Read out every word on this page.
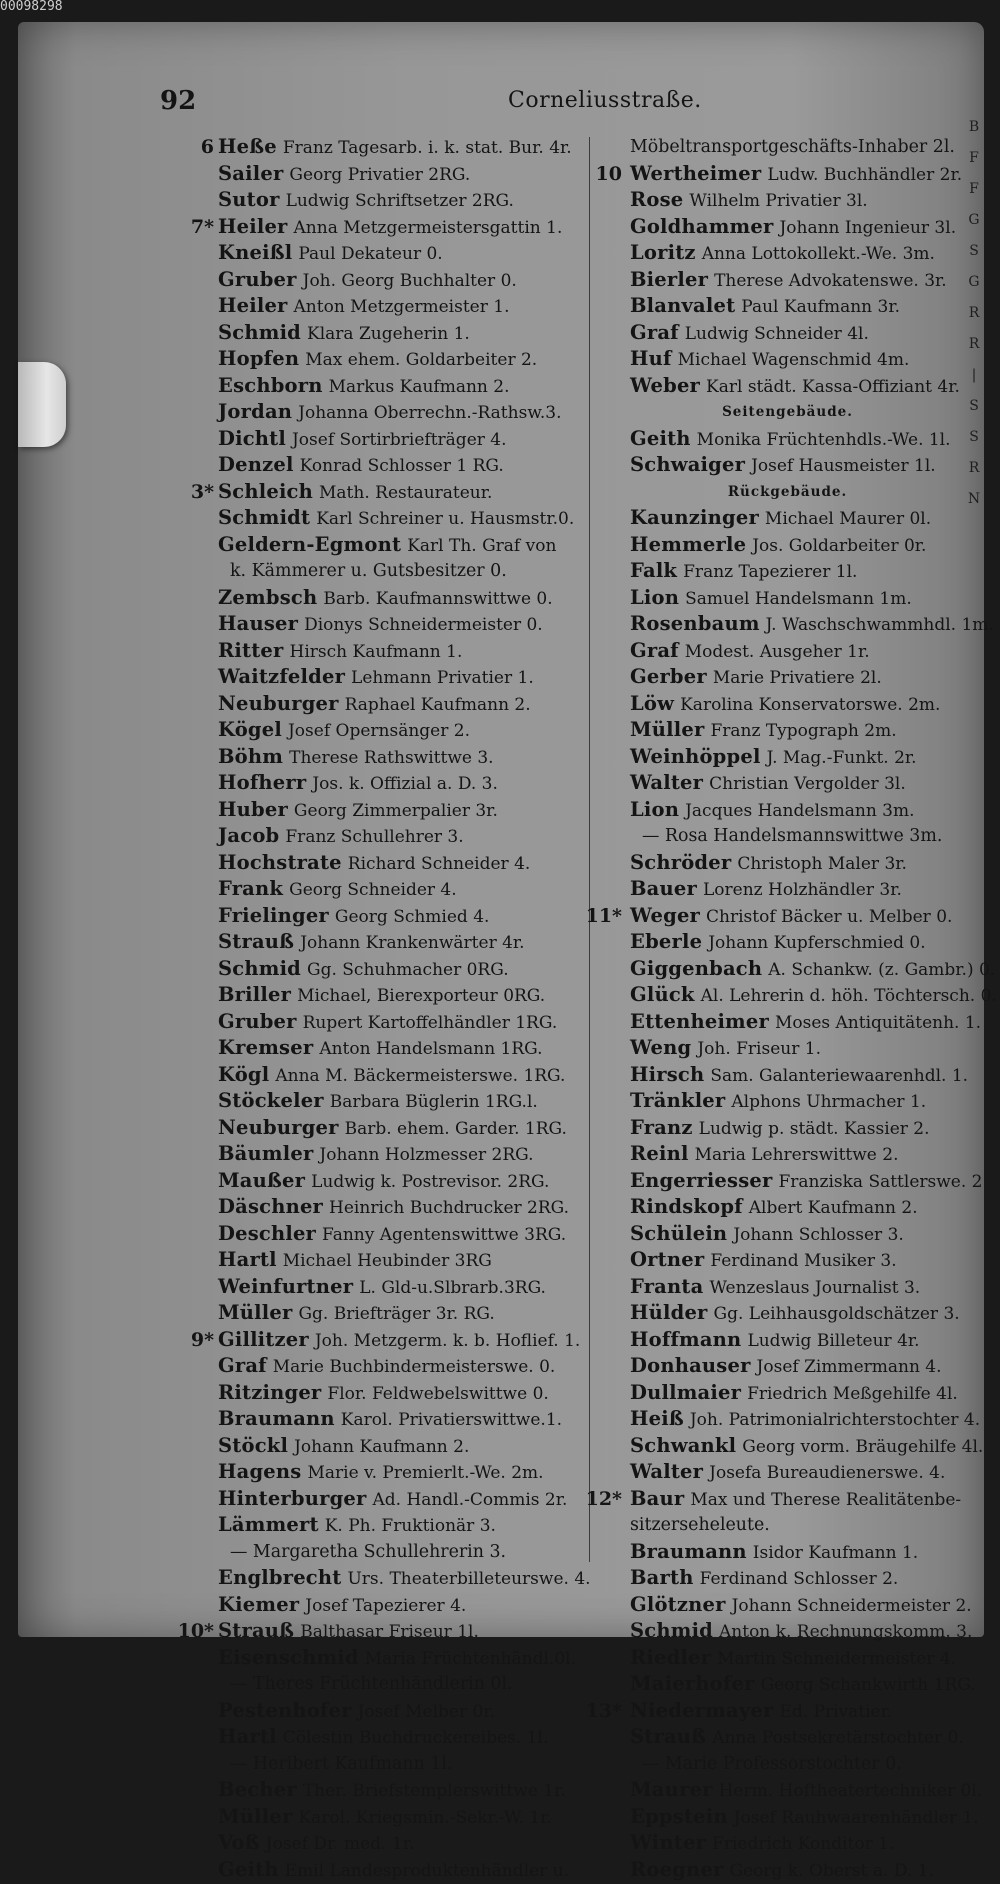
00098298
92	Corneliusstraße.
6 Heße Franz Tagesarb. i. k. stat. Bur. 4r.
Sailer Georg Privatier 2RG.
Sutor Ludwig Schriftsetzer 2RG.
7* Heiler Anna Metzgermeistersgattin 1.
Kneißl Paul Dekateur 0.
Gruber Joh. Georg Buchhalter 0.
Heiler Anton Metzgermeister 1.
Schmid Klara Zugeherin 1.
Hopfen Max ehem. Goldarbeiter 2.
Eschborn Markus Kaufmann 2.
Jordan Johanna Oberrechn.-Rathsw.3.
Dichtl Josef Sortirbriefträger 4.
Denzel Konrad Schlosser 1 RG.
3* Schleich Math. Restaurateur.
Schmidt Karl Schreiner u. Hausmstr.0.
Geldern-Egmont Karl Th. Graf von
k. Kämmerer u. Gutsbesitzer 0.
Zembsch Barb. Kaufmannswittwe 0.
Hauser Dionys Schneidermeister 0.
Ritter Hirsch Kaufmann 1.
Waitzfelder Lehmann Privatier 1.
Neuburger Raphael Kaufmann 2.
Kögel Josef Opernsänger 2.
Böhm Therese Rathswittwe 3.
Hofherr Jos. k. Offizial a. D. 3.
Huber Georg Zimmerpalier 3r.
Jacob Franz Schullehrer 3.
Hochstrate Richard Schneider 4.
Frank Georg Schneider 4.
Frielinger Georg Schmied 4.
Strauß Johann Krankenwärter 4r.
Schmid Gg. Schuhmacher 0RG.
Briller Michael, Bierexporteur 0RG.
Gruber Rupert Kartoffelhändler 1RG.
Kremser Anton Handelsmann 1RG.
Kögl Anna M. Bäckermeisterswe. 1RG.
Stöckeler Barbara Büglerin 1RG.l.
Neuburger Barb. ehem. Garder. 1RG.
Bäumler Johann Holzmesser 2RG.
Maußer Ludwig k. Postrevisor. 2RG.
Däschner Heinrich Buchdrucker 2RG.
Deschler Fanny Agentenswittwe 3RG.
Hartl Michael Heubinder 3RG
Weinfurtner L. Gld-u.Slbrarb.3RG.
Müller Gg. Briefträger 3r. RG.
9* Gillitzer Joh. Metzgerm. k. b. Hoflief. 1.
Graf Marie Buchbindermeisterswe. 0.
Ritzinger Flor. Feldwebelswittwe 0.
Braumann Karol. Privatierswittwe.1.
Stöckl Johann Kaufmann 2.
Hagens Marie v. Premierlt.-We. 2m.
Hinterburger Ad. Handl.-Commis 2r.
Lämmert K. Ph. Fruktionär 3.
— Margaretha Schullehrerin 3.
Englbrecht Urs. Theaterbilleteurswe. 4.
Kiemer Josef Tapezierer 4.
10* Strauß Balthasar Friseur 1l.
Eisenschmid Maria Früchtenhändl.0l.
— Theres Früchtenhändlerin 0l.
Pestenhofer Josef Melber 0r.
Hartl Cölestin Buchdruckereibes. 1l.
— Heribert Kaufmann 1l.
Becher Ther. Briefstemplerswittwe 1r.
Müller Karol. Kriegsmin.-Sekr.-W. 1r.
Voß Josef Dr. med. 1r.
Geith Emil Landesproduktenhändler u.
Möbeltransportgeschäfts-Inhaber 2l.
10 Wertheimer Ludw. Buchhändler 2r.
Rose Wilhelm Privatier 3l.
Goldhammer Johann Ingenieur 3l.
Loritz Anna Lottokollekt.-We. 3m.
Bierler Therese Advokatenswe. 3r.
Blanvalet Paul Kaufmann 3r.
Graf Ludwig Schneider 4l.
Huf Michael Wagenschmid 4m.
Weber Karl städt. Kassa-Offiziant 4r.
Seitengebäude.
Geith Monika Früchtenhdls.-We. 1l.
Schwaiger Josef Hausmeister 1l.
Rückgebäude.
Kaunzinger Michael Maurer 0l.
Hemmerle Jos. Goldarbeiter 0r.
Falk Franz Tapezierer 1l.
Lion Samuel Handelsmann 1m.
Rosenbaum J. Waschschwammhdl. 1m.
Graf Modest. Ausgeher 1r.
Gerber Marie Privatiere 2l.
Löw Karolina Konservatorswe. 2m.
Müller Franz Typograph 2m.
Weinhöppel J. Mag.-Funkt. 2r.
Walter Christian Vergolder 3l.
Lion Jacques Handelsmann 3m.
— Rosa Handelsmannswittwe 3m.
Schröder Christoph Maler 3r.
Bauer Lorenz Holzhändler 3r.
11* Weger Christof Bäcker u. Melber 0.
Eberle Johann Kupferschmied 0.
Giggenbach A. Schankw. (z. Gambr.) 0.
Glück Al. Lehrerin d. höh. Töchtersch. 0.
Ettenheimer Moses Antiquitätenh. 1.
Weng Joh. Friseur 1.
Hirsch Sam. Galanteriewaarenhdl. 1.
Tränkler Alphons Uhrmacher 1.
Franz Ludwig p. städt. Kassier 2.
Reinl Maria Lehrerswittwe 2.
Engerriesser Franziska Sattlerswe. 2
Rindskopf Albert Kaufmann 2.
Schülein Johann Schlosser 3.
Ortner Ferdinand Musiker 3.
Franta Wenzeslaus Journalist 3.
Hülder Gg. Leihhausgoldschätzer 3.
Hoffmann Ludwig Billeteur 4r.
Donhauser Josef Zimmermann 4.
Dullmaier Friedrich Meßgehilfe 4l.
Heiß Joh. Patrimonialrichterstochter 4.
Schwankl Georg vorm. Bräugehilfe 4l.
Walter Josefa Bureaudienerswe. 4.
12* Baur Max und Therese Realitätenbe-
sitzerseheleute.
Braumann Isidor Kaufmann 1.
Barth Ferdinand Schlosser 2.
Glötzner Johann Schneidermeister 2.
Schmid Anton k. Rechnungskomm. 3.
Riedler Martin Schneidermeister 4.
Maierhofer Georg Schankwirth 1RG.
13* Niedermayer Ed. Privatier.
Strauß Anna Postsekretärstochter 0.
— Marie Professorstochter 0.
Maurer Herm. Hoftheatertechniker 0l.
Eppstein Josef Rauhwaarenhändler 1.
Winter Friedrich Konditor 1.
Roegner Georg k. Oberst a. D. 1.
B
F
F
G
S
G
R
R
|
S
S
R
N
